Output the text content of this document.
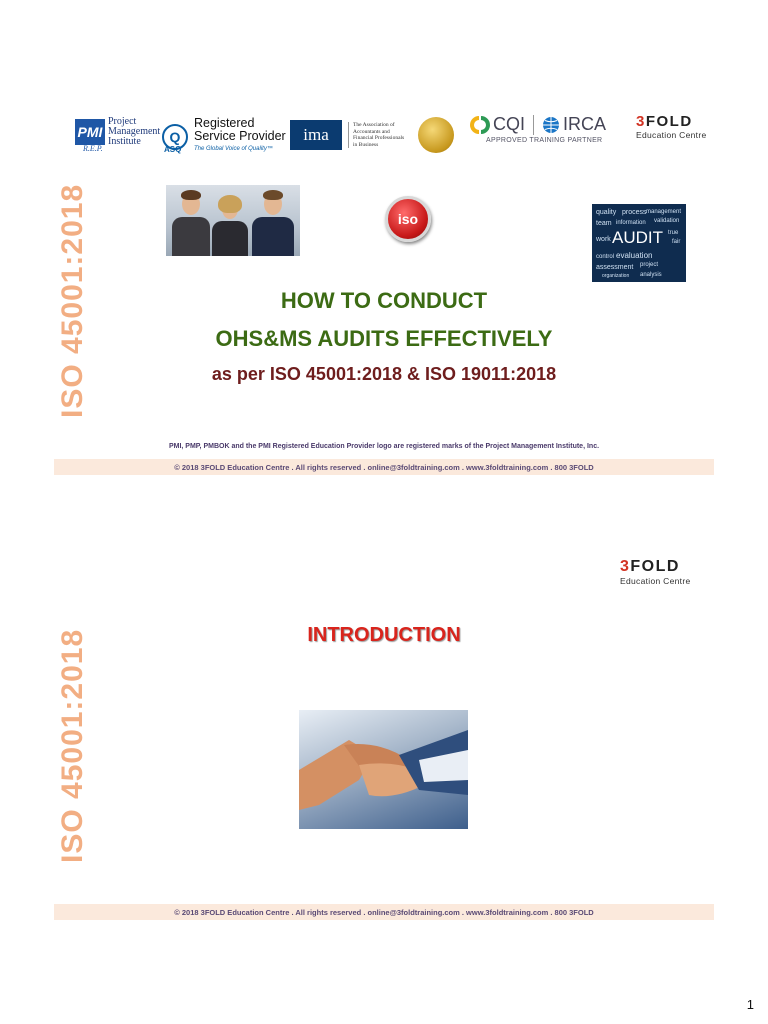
ISO 45001:2018
PMI
Project
Management
Institute
R.E.P.
Q
Registered
Service Provider
The Global Voice of Quality™
ASQ
ima	The Association of
Accountants and
Financial Professionals
in Business
CQI IRCA
APPROVED TRAINING PARTNER
3FOLD
Education Centre
iso	quality process management
team information validation
work AUDIT true
fair
control evaluation
assessment project
organization analysis
HOW TO CONDUCT
OHS&MS AUDITS EFFECTIVELY
as per ISO 45001:2018 & ISO 19011:2018
PMI, PMP, PMBOK and the PMI Registered Education Provider logo are registered marks of the Project Management Institute, Inc.
© 2018 3FOLD Education Centre . All rights reserved . online@3foldtraining.com . www.3foldtraining.com . 800 3FOLD
ISO 45001:2018
3FOLD
Education Centre
INTRODUCTION
© 2018 3FOLD Education Centre . All rights reserved . online@3foldtraining.com . www.3foldtraining.com . 800 3FOLD
1
